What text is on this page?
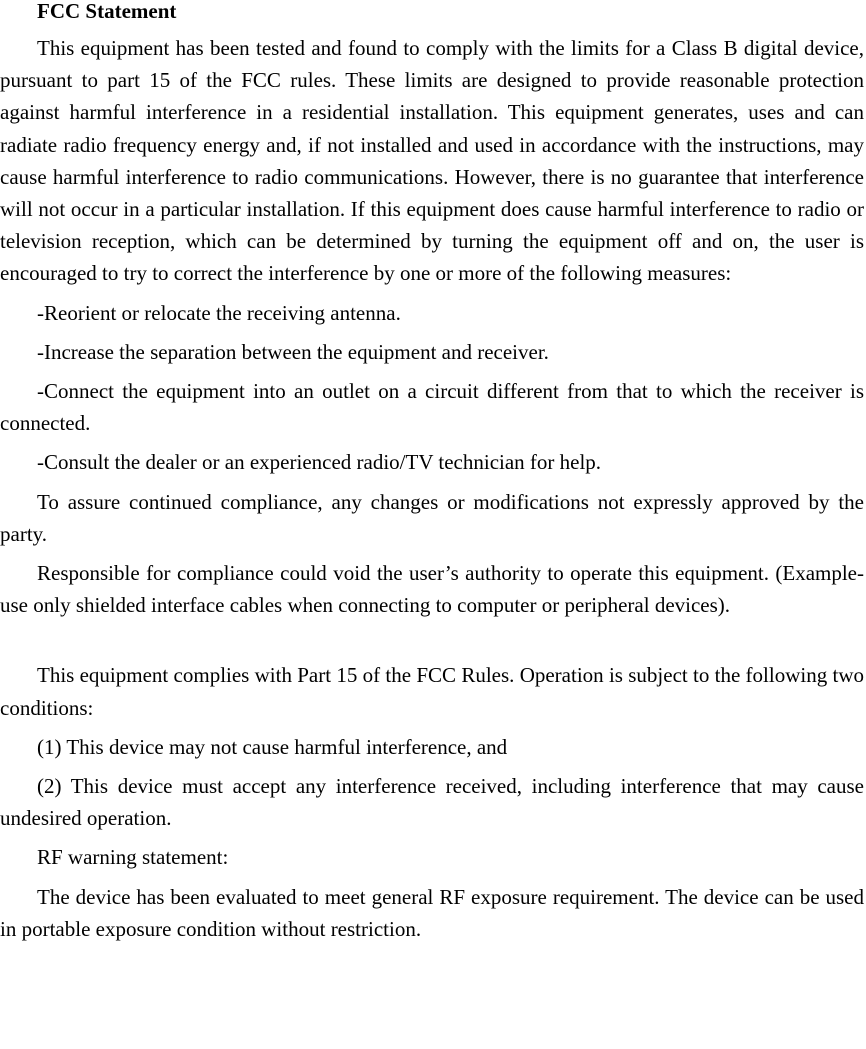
FCC Statement

This equipment has been tested and found to comply with the limits for a Class B digital device, pursuant to part 15 of the FCC rules. These limits are designed to provide reasonable protection against harmful interference in a residential installation. This equipment generates, uses and can radiate radio frequency energy and, if not installed and used in accordance with the instructions, may cause harmful interference to radio communications. However, there is no guarantee that interference will not occur in a particular installation. If this equipment does cause harmful interference to radio or television reception, which can be determined by turning the equipment off and on, the user is encouraged to try to correct the interference by one or more of the following measures:

-Reorient or relocate the receiving antenna.

-Increase the separation between the equipment and receiver.

-Connect the equipment into an outlet on a circuit different from that to which the receiver is connected.

-Consult the dealer or an experienced radio/TV technician for help.

To assure continued compliance, any changes or modifications not expressly approved by the party.

Responsible for compliance could void the user’s authority to operate this equipment. (Example- use only shielded interface cables when connecting to computer or peripheral devices).

This equipment complies with Part 15 of the FCC Rules. Operation is subject to the following two conditions:

(1) This device may not cause harmful interference, and

(2) This device must accept any interference received, including interference that may cause undesired operation.

RF warning statement:

The device has been evaluated to meet general RF exposure requirement. The device can be used in portable exposure condition without restriction.
